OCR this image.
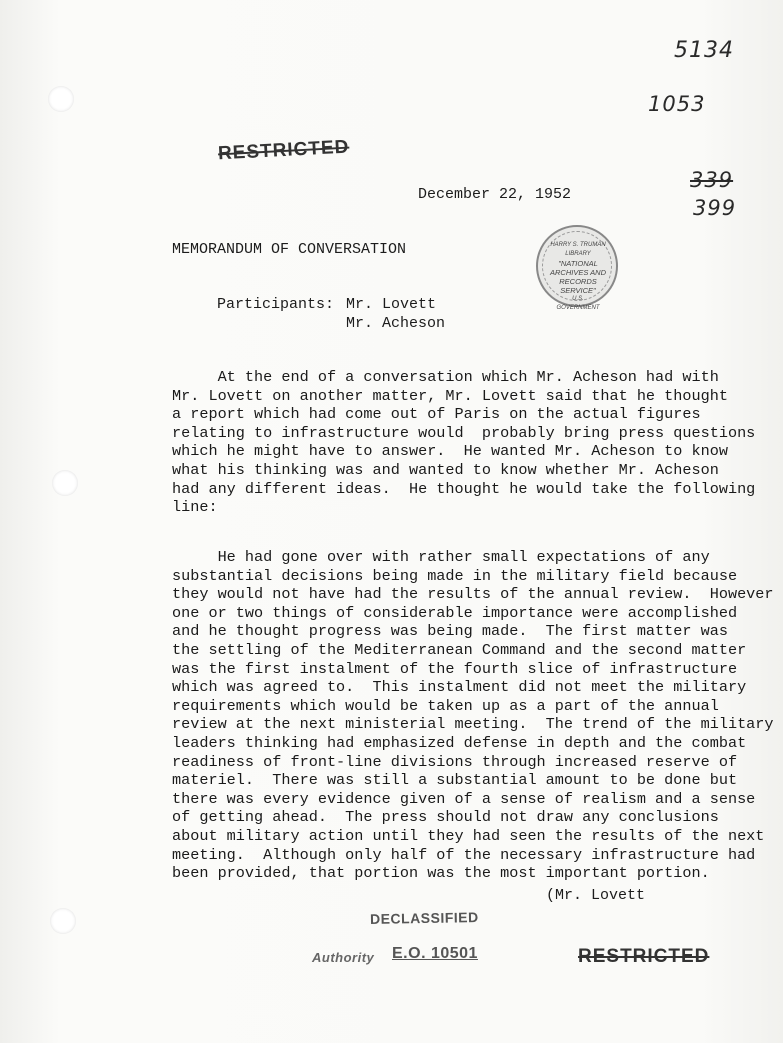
5134
1053
339
399
RESTRICTED
December 22, 1952
MEMORANDUM OF CONVERSATION	HARRY S. TRUMAN LIBRARY
"NATIONAL
ARCHIVES AND
RECORDS
SERVICE"
U.S. GOVERNMENT
Participants: Mr. Lovett
Mr. Acheson
At the end of a conversation which Mr. Acheson had with
Mr. Lovett on another matter, Mr. Lovett said that he thought
a report which had come out of Paris on the actual figures
relating to infrastructure would  probably bring press questions
which he might have to answer.  He wanted Mr. Acheson to know
what his thinking was and wanted to know whether Mr. Acheson
had any different ideas.  He thought he would take the following
line:
He had gone over with rather small expectations of any
substantial decisions being made in the military field because
they would not have had the results of the annual review.  However
one or two things of considerable importance were accomplished
and he thought progress was being made.  The first matter was
the settling of the Mediterranean Command and the second matter
was the first instalment of the fourth slice of infrastructure
which was agreed to.  This instalment did not meet the military
requirements which would be taken up as a part of the annual
review at the next ministerial meeting.  The trend of the military
leaders thinking had emphasized defense in depth and the combat
readiness of front-line divisions through increased reserve of
materiel.  There was still a substantial amount to be done but
there was every evidence given of a sense of realism and a sense
of getting ahead.  The press should not draw any conclusions
about military action until they had seen the results of the next
meeting.  Although only half of the necessary infrastructure had
been provided, that portion was the most important portion.
(Mr. Lovett
DECLASSIFIED
Authority E.O. 10501	RESTRICTED
